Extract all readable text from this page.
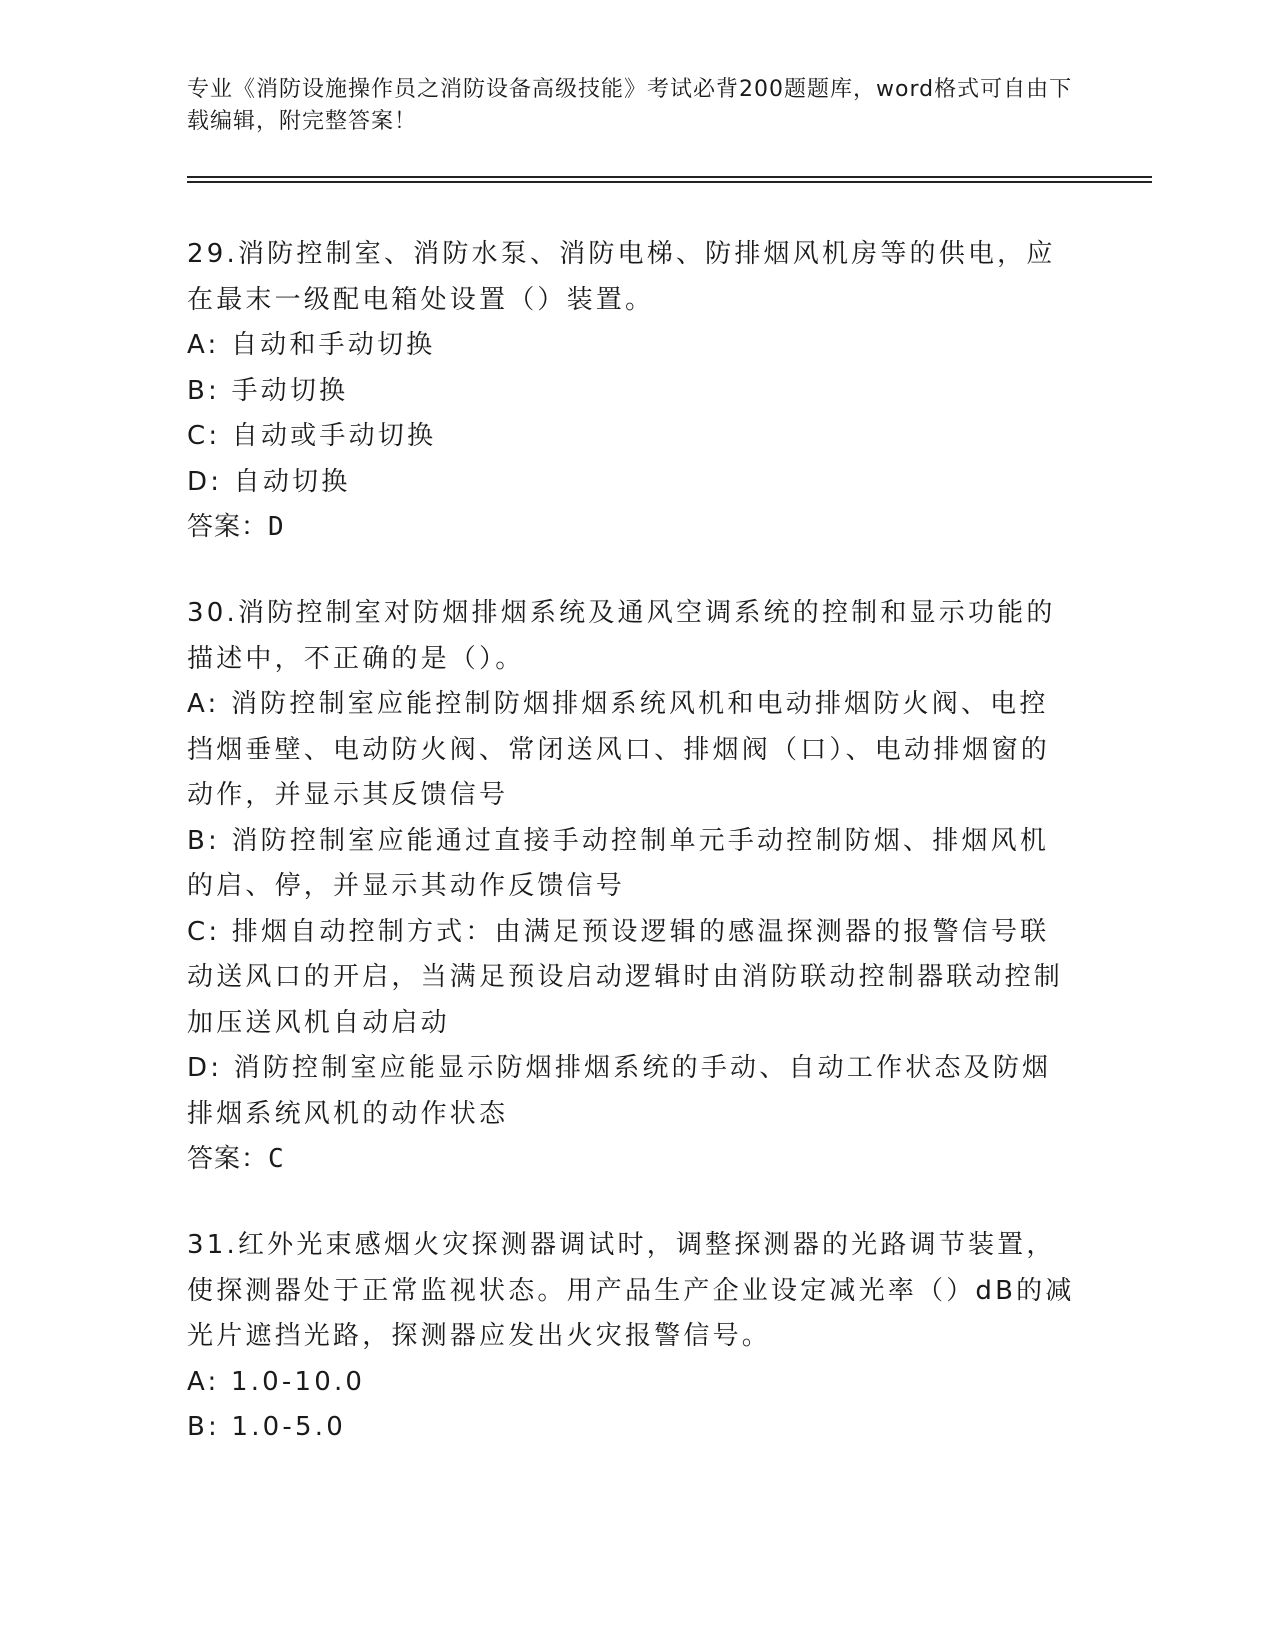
专业《消防设施操作员之消防设备高级技能》考试必背200题题库，word格式可自由下载编辑，附完整答案！

29.消防控制室、消防水泵、消防电梯、防排烟风机房等的供电，应在最末一级配电箱处设置（）装置。

A: 自动和手动切换

B: 手动切换

C: 自动或手动切换

D: 自动切换

答案：D

30.消防控制室对防烟排烟系统及通风空调系统的控制和显示功能的描述中，不正确的是（）。

A: 消防控制室应能控制防烟排烟系统风机和电动排烟防火阀、电控挡烟垂壁、电动防火阀、常闭送风口、排烟阀（口）、电动排烟窗的动作，并显示其反馈信号

B: 消防控制室应能通过直接手动控制单元手动控制防烟、排烟风机的启、停，并显示其动作反馈信号

C: 排烟自动控制方式：由满足预设逻辑的感温探测器的报警信号联动送风口的开启，当满足预设启动逻辑时由消防联动控制器联动控制加压送风机自动启动

D: 消防控制室应能显示防烟排烟系统的手动、自动工作状态及防烟排烟系统风机的动作状态

答案：C

31.红外光束感烟火灾探测器调试时，调整探测器的光路调节装置，使探测器处于正常监视状态。用产品生产企业设定减光率（）dB的减光片遮挡光路，探测器应发出火灾报警信号。

A: 1.0-10.0

B: 1.0-5.0
